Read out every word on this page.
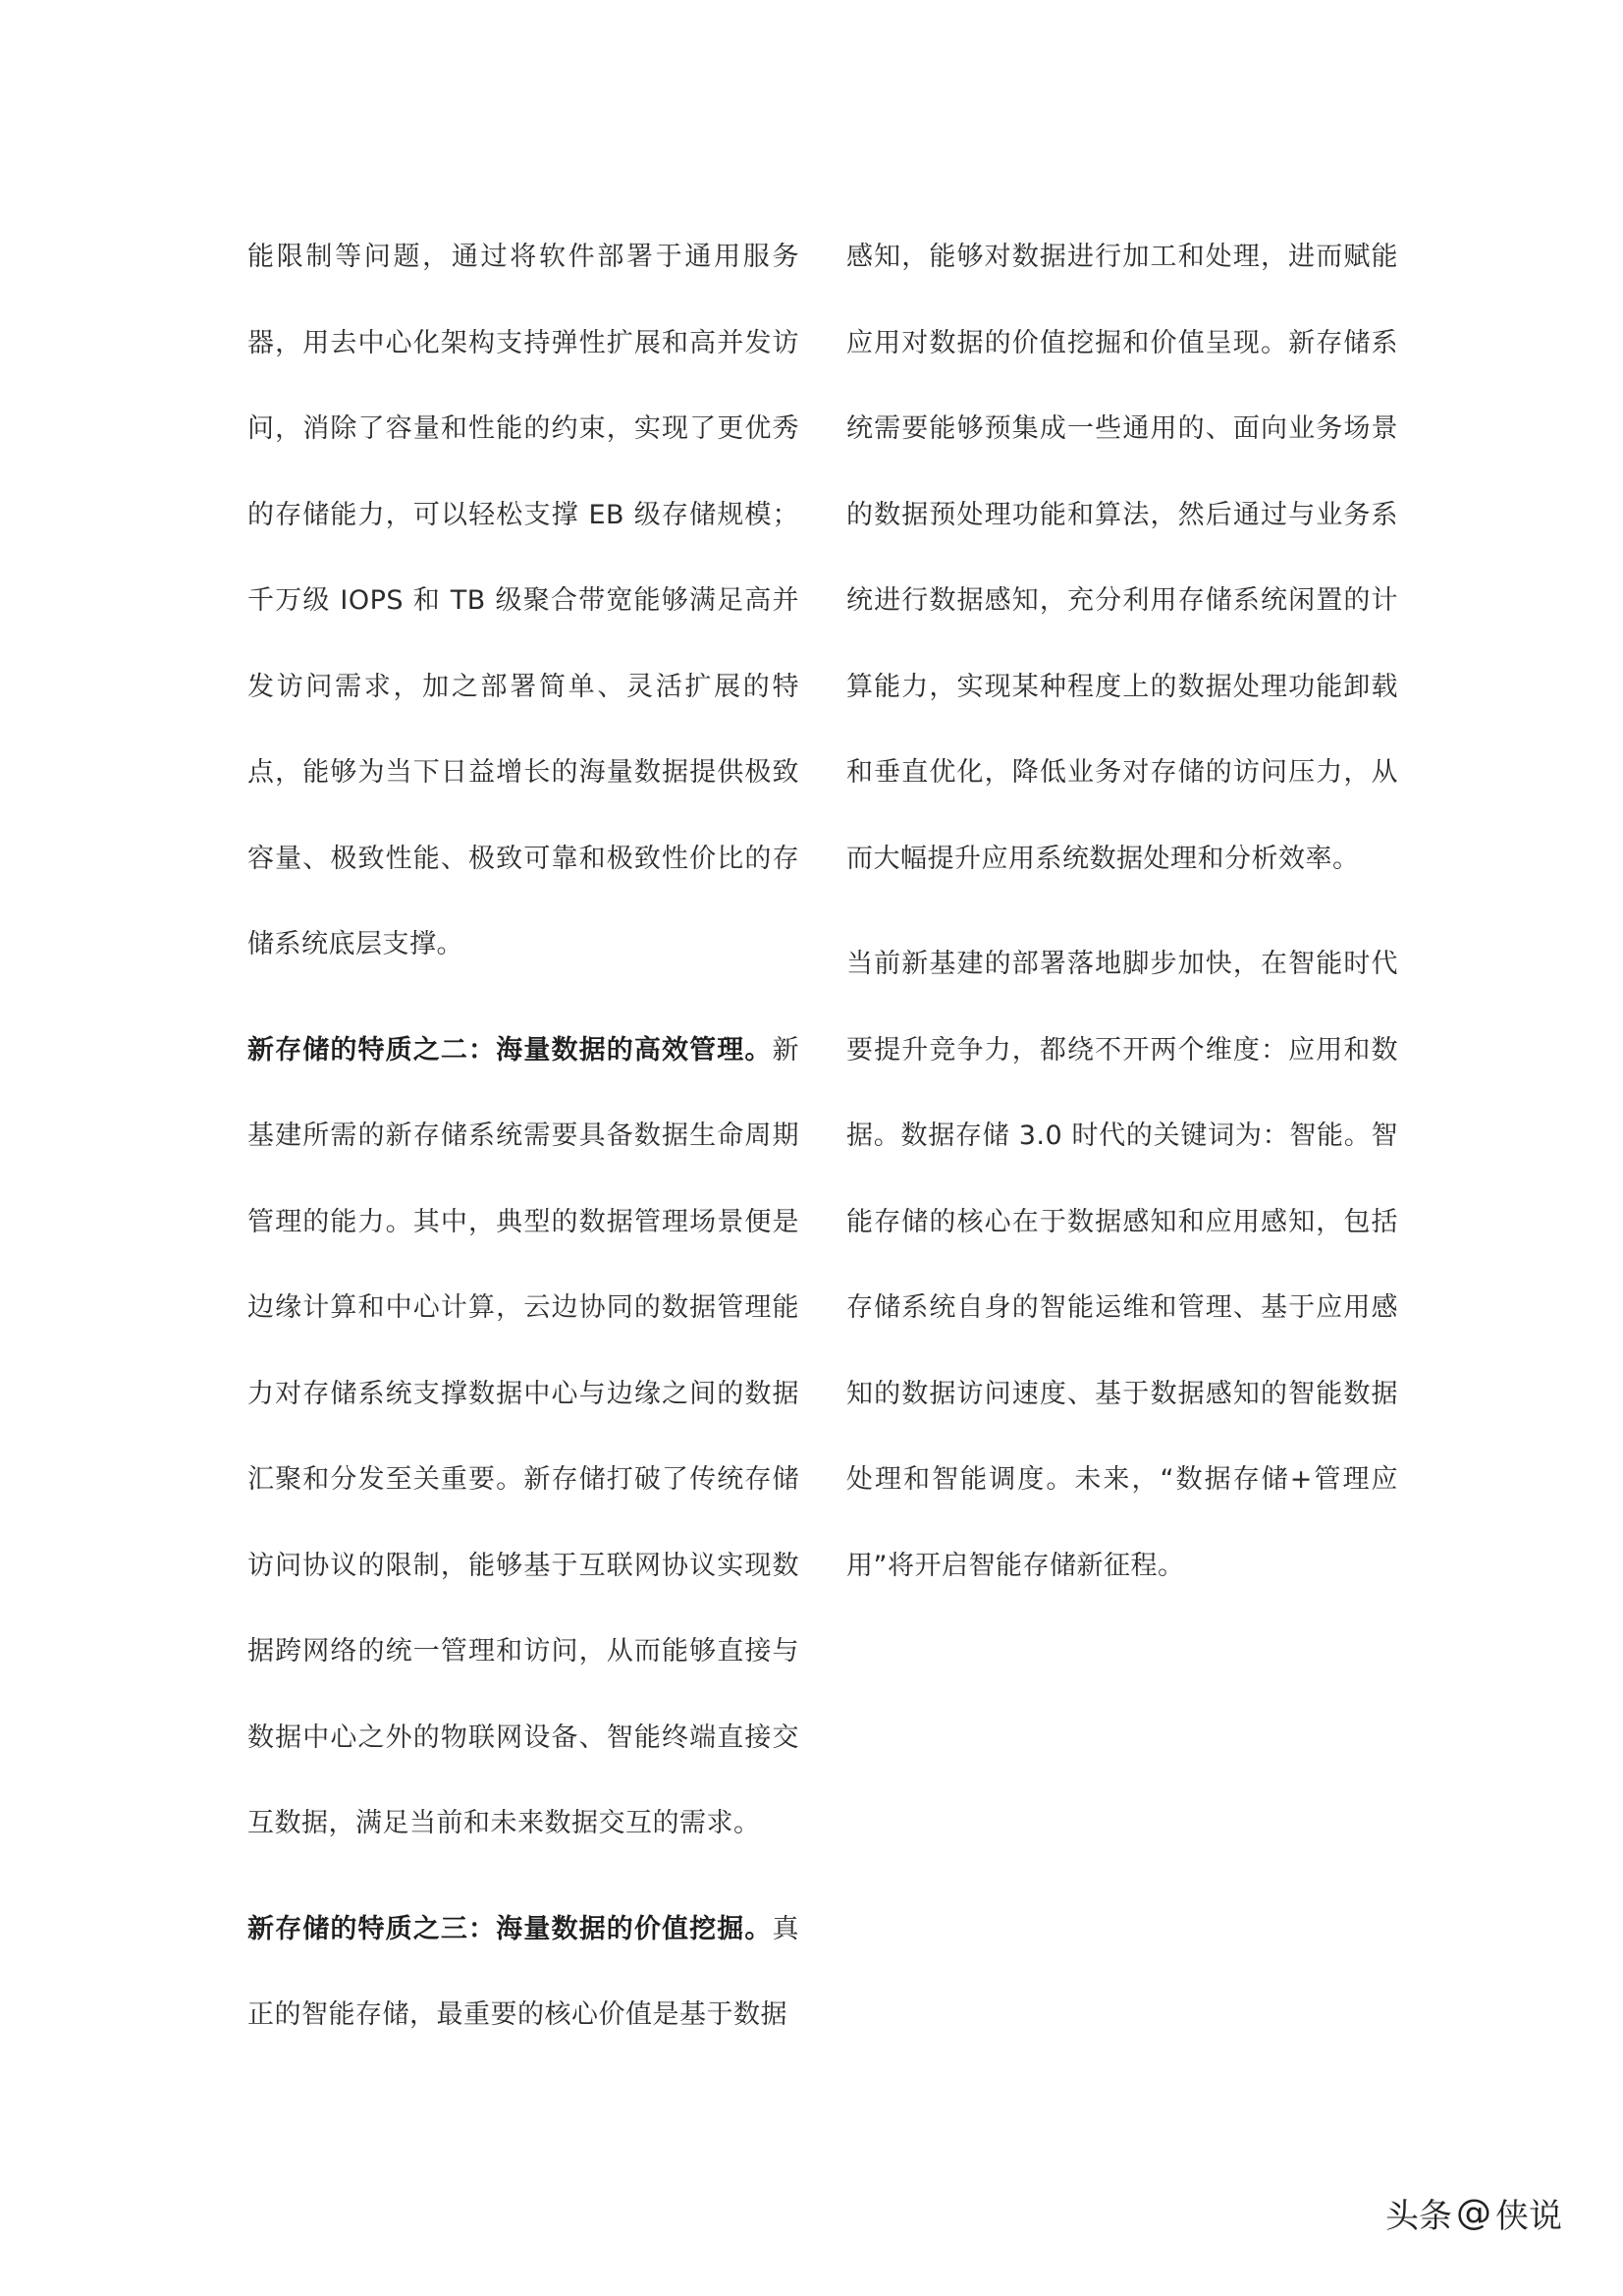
能限制等问题，通过将软件部署于通用服务器，用去中心化架构支持弹性扩展和高并发访问，消除了容量和性能的约束，实现了更优秀的存储能力，可以轻松支撑 EB 级存储规模；千万级 IOPS 和 TB 级聚合带宽能够满足高并发访问需求，加之部署简单、灵活扩展的特点，能够为当下日益增长的海量数据提供极致容量、极致性能、极致可靠和极致性价比的存储系统底层支撑。

新存储的特质之二：海量数据的高效管理。新基建所需的新存储系统需要具备数据生命周期管理的能力。其中，典型的数据管理场景便是边缘计算和中心计算，云边协同的数据管理能力对存储系统支撑数据中心与边缘之间的数据汇聚和分发至关重要。新存储打破了传统存储访问协议的限制，能够基于互联网协议实现数据跨网络的统一管理和访问，从而能够直接与数据中心之外的物联网设备、智能终端直接交互数据，满足当前和未来数据交互的需求。

新存储的特质之三：海量数据的价值挖掘。真正的智能存储，最重要的核心价值是基于数据

感知，能够对数据进行加工和处理，进而赋能应用对数据的价值挖掘和价值呈现。新存储系统需要能够预集成一些通用的、面向业务场景的数据预处理功能和算法，然后通过与业务系统进行数据感知，充分利用存储系统闲置的计算能力，实现某种程度上的数据处理功能卸载和垂直优化，降低业务对存储的访问压力，从而大幅提升应用系统数据处理和分析效率。

当前新基建的部署落地脚步加快，在智能时代要提升竞争力，都绕不开两个维度：应用和数据。数据存储 3.0 时代的关键词为：智能。智能存储的核心在于数据感知和应用感知，包括存储系统自身的智能运维和管理、基于应用感知的数据访问速度、基于数据感知的智能数据处理和智能调度。未来，“数据存储+管理应用”将开启智能存储新征程。

头条 @ 侠说
